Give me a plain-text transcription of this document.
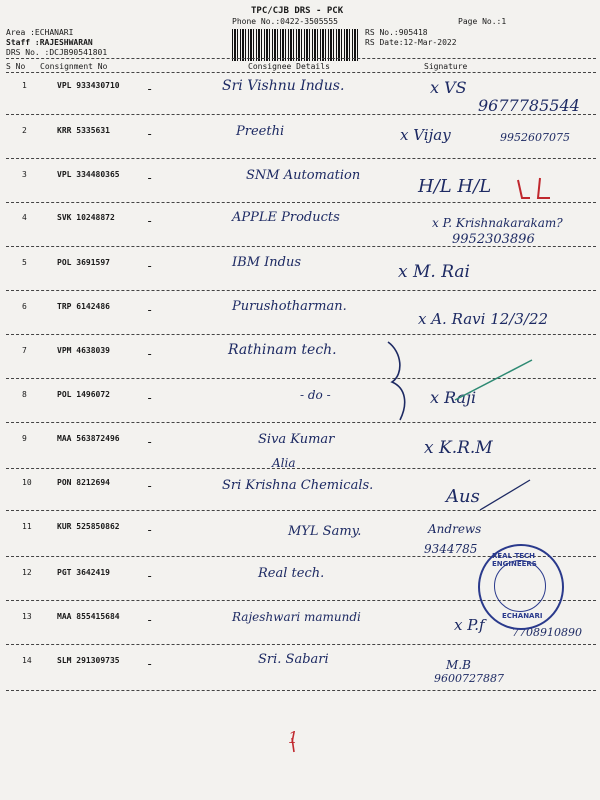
TPC/CJB DRS - PCK
Phone No.:0422-3505555	Page No.:1
Area :ECHANARI
Staff :RAJESHWARAN
DRS No. :DCJB90541801
RS No.:905418
RS Date:12-Mar-2022
S No Consignment No	Consignee Details	Signature
1	VPL 933430710 -	Sri Vishnu Indus.	x VS
9677785544
2	KRR 5335631	-	Preethi	x Vijay	9952607075
3	VPL 334480365 -	SNM Automation
H/L H/L
4	SVK 10248872	-	APPLE Products	x P. Krishnakarakam?
9952303896
5	POL 3691597	-	IBM Indus	x M. Rai
6	TRP 6142486	-	Purushotharman.
x A. Ravi 12/3/22
7	VPM 4638039	-	Rathinam tech.
8	POL 1496072	-	- do -	x Raji
9	MAA 563872496 -	Siva Kumar	x K.R.M
Alia
10	PON 8212694	-	Sri Krishna Chemicals.
Aus
11	KUR 525850862 -	MYL Samy.	Andrews
9344785
12	PGT 3642419	-	Real tech.
13	MAA 855415684 -	Rajeshwari mamundi	x P.f 7708910890
14	SLM 291309735 -	Sri. Sabari	M.B
9600727887
REAL TECH ENGINEERS
ECHANARI
1
